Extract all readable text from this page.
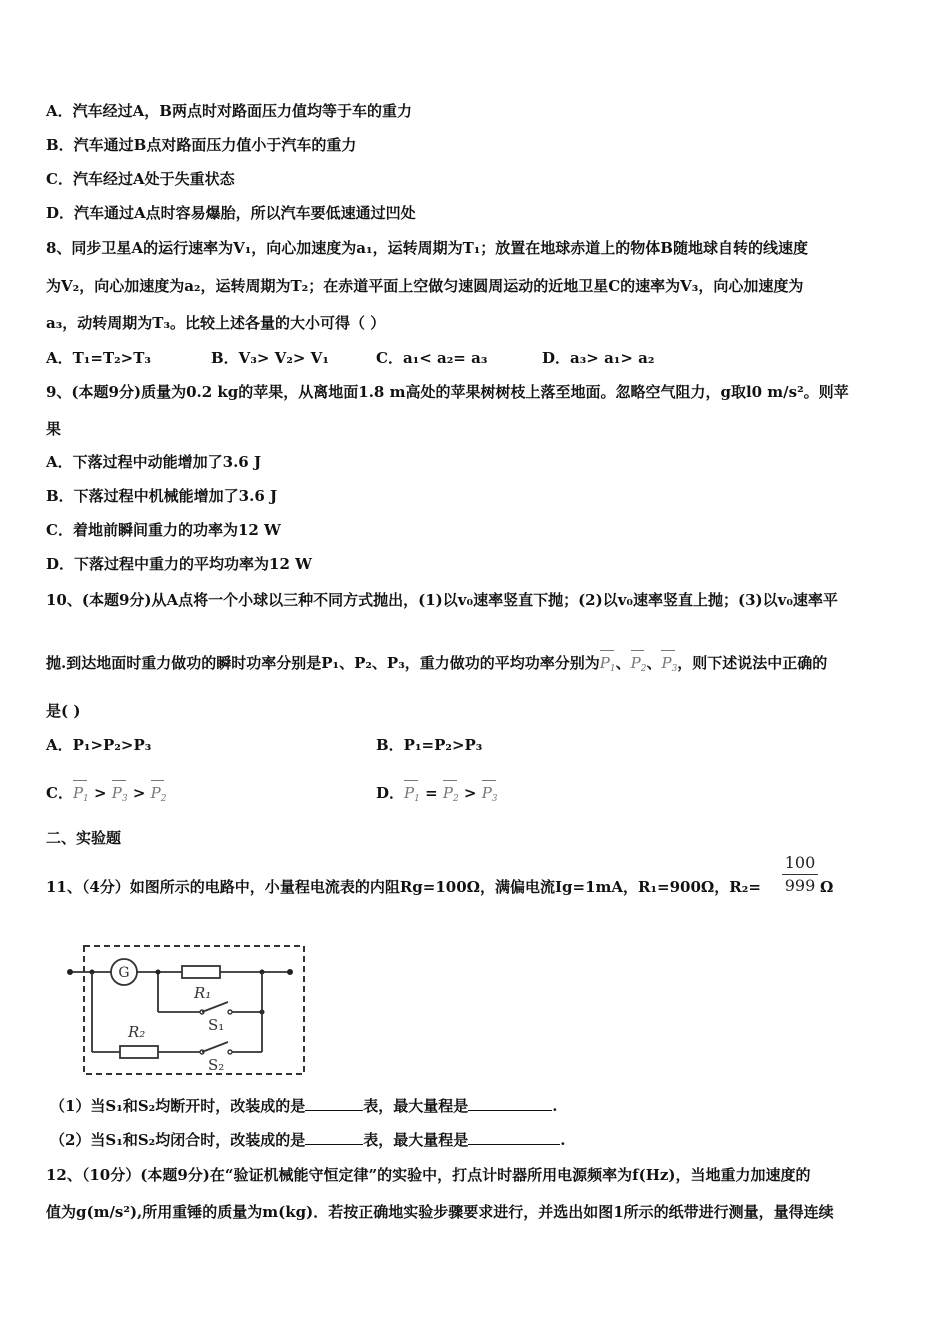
A．汽车经过A，B两点时对路面压力值均等于车的重力
B．汽车通过B点对路面压力值小于汽车的重力
C．汽车经过A处于失重状态
D．汽车通过A点时容易爆胎，所以汽车要低速通过凹处
8、同步卫星A的运行速率为V₁，向心加速度为a₁，运转周期为T₁；放置在地球赤道上的物体B随地球自转的线速度
为V₂，向心加速度为a₂，运转周期为T₂；在赤道平面上空做匀速圆周运动的近地卫星C的速率为V₃，向心加速度为
a₃，动转周期为T₃。比较上述各量的大小可得（ ）
A．T₁=T₂>T₃	B．V₃> V₂> V₁	C．a₁< a₂= a₃	D．a₃> a₁> a₂
9、(本题9分)质量为0.2 kg的苹果，从离地面1.8 m高处的苹果树树枝上落至地面。忽略空气阻力，g取l0 m/s²。则苹
果
A．下落过程中动能增加了3.6 J
B．下落过程中机械能增加了3.6 J
C．着地前瞬间重力的功率为12 W
D．下落过程中重力的平均功率为12 W
10、(本题9分)从A点将一个小球以三种不同方式抛出，(1)以v₀速率竖直下抛；(2)以v₀速率竖直上抛；(3)以v₀速率平
抛.到达地面时重力做功的瞬时功率分别是P₁、P₂、P₃，重力做功的平均功率分别为$P_1$、$P_2$、$P_3$，则下述说法中正确的
是( )
A．P₁>P₂>P₃	B．P₁=P₂>P₃
C．$P_1 > P_3 > P_2$	D．$P_1 = P_2 > P_3$
二、实验题
11、（4分）如图所示的电路中，小量程电流表的内阻Rg=100Ω，满偏电流Ig=1mA，R₁=900Ω，$R_2= \frac{100}{999}$ Ω
G
R₁
S₁
R₂
S₂
（1）当S₁和S₂均断开时，改装成的是	表，最大量程是	.
（2）当S₁和S₂均闭合时，改装成的是	表，最大量程是	.
12、（10分）(本题9分)在“验证机械能守恒定律”的实验中，打点计时器所用电源频率为f(Hz)，当地重力加速度的
值为g(m/s²),所用重锤的质量为m(kg)．若按正确地实验步骤要求进行，并选出如图1所示的纸带进行测量，量得连续
